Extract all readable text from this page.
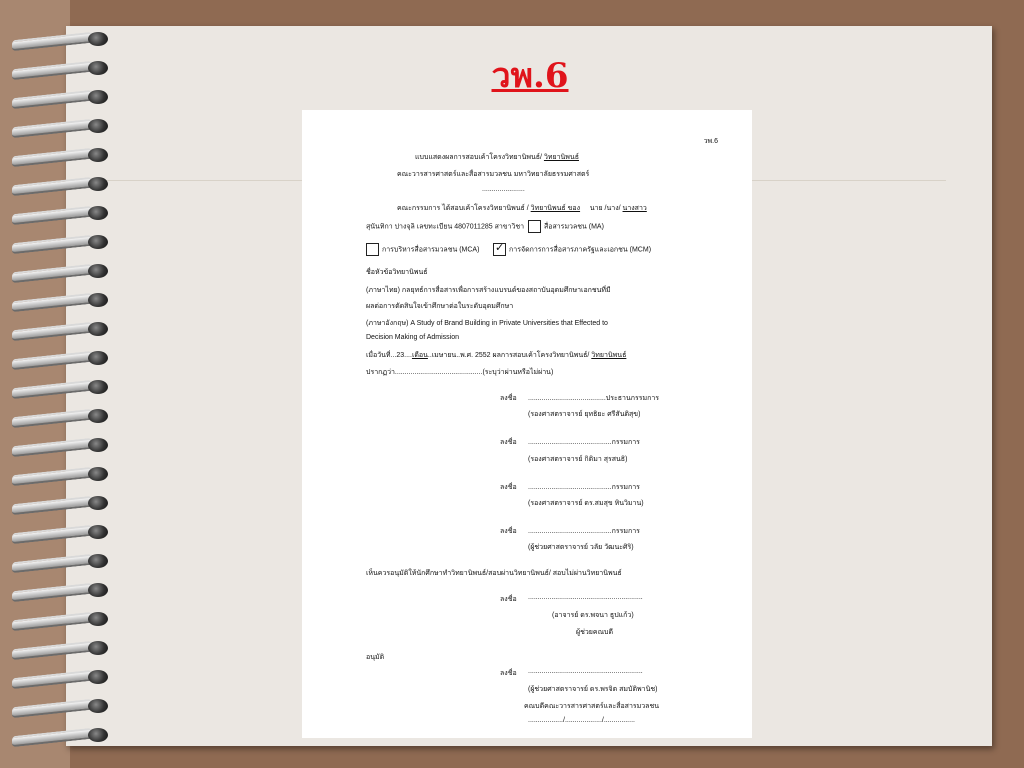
วพ.6
วพ.6
แบบแสดงผลการสอบเค้าโครงวิทยานิพนธ์/ วิทยานิพนธ์
คณะวารสารศาสตร์และสื่อสารมวลชน มหาวิทยาลัยธรรมศาสตร์
......................
คณะกรรมการ ได้สอบเค้าโครงวิทยานิพนธ์ / วิทยานิพนธ์ ของ นาย /นาง/ นางสาว
สุนันทิกา ปางจุลิ เลขทะเบียน 4807011285 สาขาวิชา	สื่อสารมวลชน (MA)
การบริหารสื่อสารมวลชน (MCA)       ✓	การจัดการการสื่อสารภาครัฐและเอกชน (MCM)
ชื่อหัวข้อวิทยานิพนธ์
(ภาษาไทย) กลยุทธ์การสื่อสารเพื่อการสร้างแบรนด์ของสถาบันอุดมศึกษาเอกชนที่มี
ผลต่อการตัดสินใจเข้าศึกษาต่อในระดับอุดมศึกษา
(ภาษาอังกฤษ) A Study of Brand Building in Private Universities that Effected to
Decision Making of Admission
เมื่อวันที่...23....เดือน..เมษายน..พ.ศ. 2552 ผลการสอบเค้าโครงวิทยานิพนธ์/ วิทยานิพนธ์
ปรากฏว่า.............................................(ระบุว่าผ่านหรือไม่ผ่าน)
ลงชื่อ ........................................ประธานกรรมการ
(รองศาสตราจารย์ ยุทธิยะ ศรีสันติสุข)
ลงชื่อ ...........................................กรรมการ
(รองศาสตราจารย์ กิติมา สุรสนธิ)
ลงชื่อ ...........................................กรรมการ
(รองศาสตราจารย์ ดร.สมสุข หินวิมาน)
ลงชื่อ ...........................................กรรมการ
(ผู้ช่วยศาสตราจารย์ วลัย วัฒนะศิริ)
เห็นควรอนุมัติให้นักศึกษาทำวิทยานิพนธ์/สอบผ่านวิทยานิพนธ์/ สอบไม่ผ่านวิทยานิพนธ์
ลงชื่อ ...........................................................
(อาจารย์ ดร.พจนา ธูปแก้ว)
ผู้ช่วยคณบดี
อนุมัติ
ลงชื่อ ...........................................................
(ผู้ช่วยศาสตราจารย์ ดร.พรจิต สมบัติพานิช)
คณบดีคณะวารสารศาสตร์และสื่อสารมวลชน
................../.................../................
